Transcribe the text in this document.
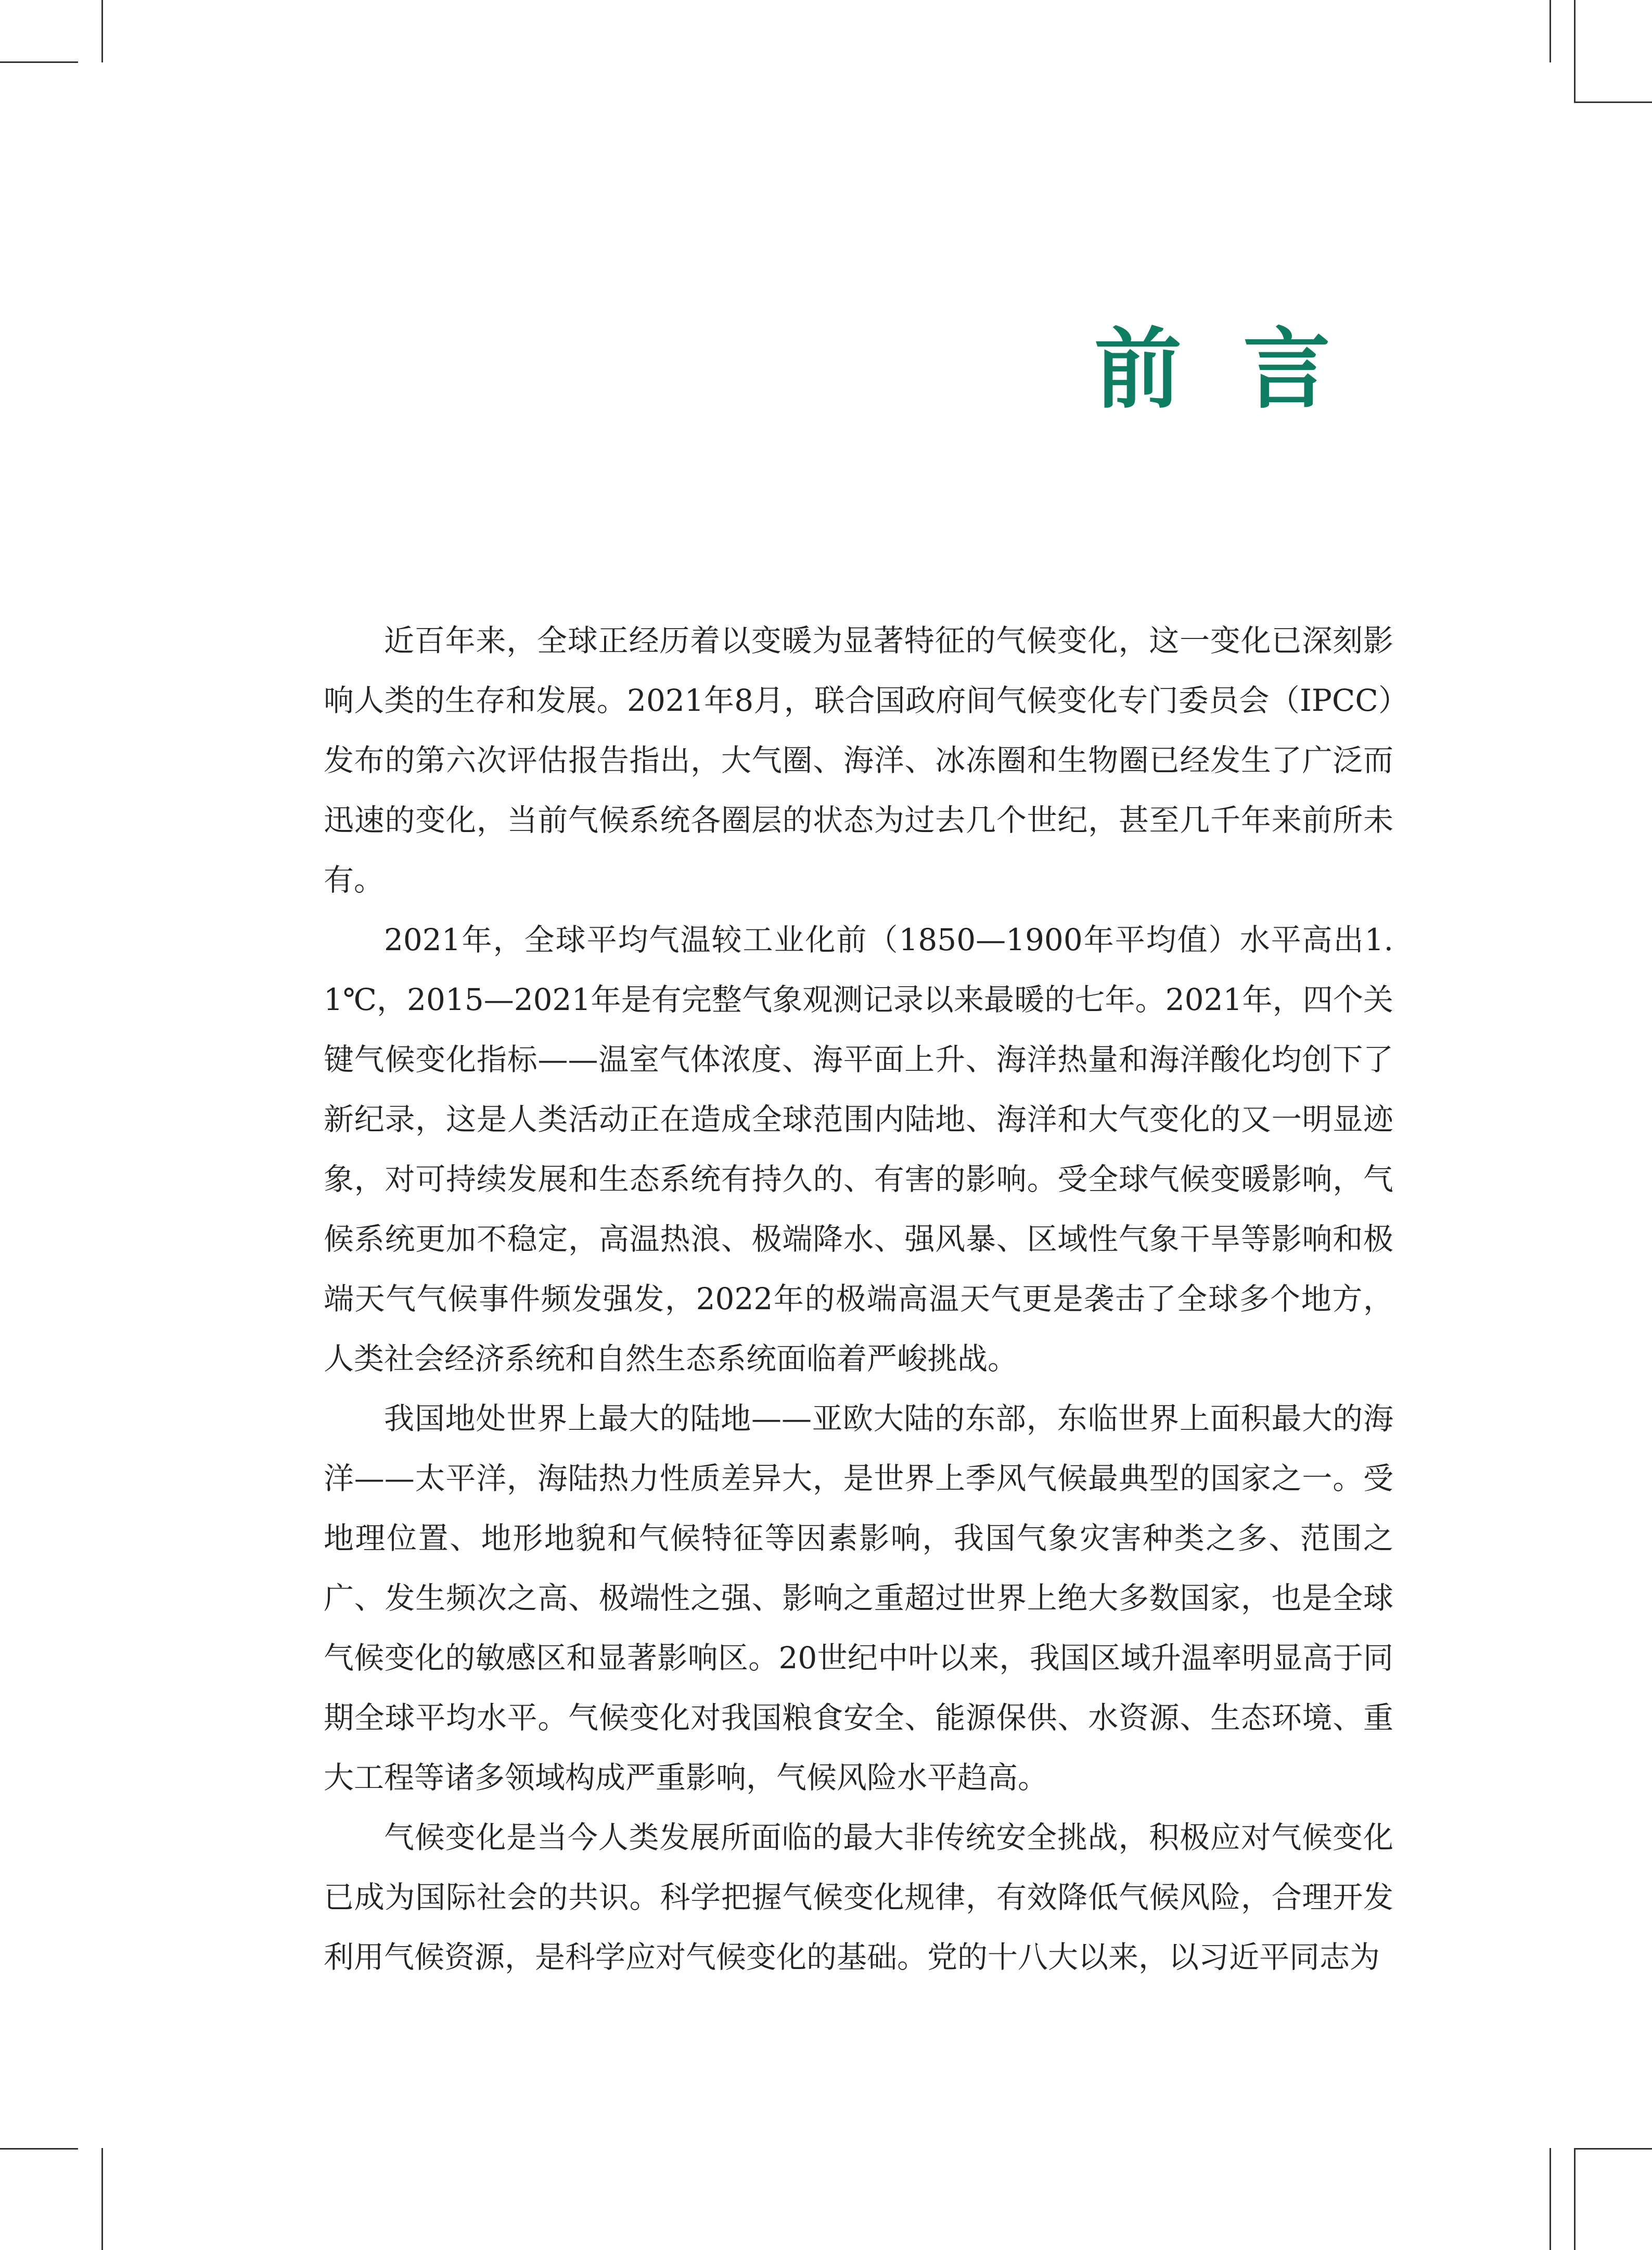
前言

近百年来，全球正经历着以变暖为显著特征的气候变化，这一变化已深刻影响人类的生存和发展。2021年8月，联合国政府间气候变化专门委员会（IPCC）发布的第六次评估报告指出，大气圈、海洋、冰冻圈和生物圈已经发生了广泛而迅速的变化，当前气候系统各圈层的状态为过去几个世纪，甚至几千年来前所未有。

2021年，全球平均气温较工业化前（1850—1900年平均值）水平高出1.1℃，2015—2021年是有完整气象观测记录以来最暖的七年。2021年，四个关键气候变化指标——温室气体浓度、海平面上升、海洋热量和海洋酸化均创下了新纪录，这是人类活动正在造成全球范围内陆地、海洋和大气变化的又一明显迹象，对可持续发展和生态系统有持久的、有害的影响。受全球气候变暖影响，气候系统更加不稳定，高温热浪、极端降水、强风暴、区域性气象干旱等影响和极端天气气候事件频发强发，2022年的极端高温天气更是袭击了全球多个地方，人类社会经济系统和自然生态系统面临着严峻挑战。

我国地处世界上最大的陆地——亚欧大陆的东部，东临世界上面积最大的海洋——太平洋，海陆热力性质差异大，是世界上季风气候最典型的国家之一。受地理位置、地形地貌和气候特征等因素影响，我国气象灾害种类之多、范围之广、发生频次之高、极端性之强、影响之重超过世界上绝大多数国家，也是全球气候变化的敏感区和显著影响区。20世纪中叶以来，我国区域升温率明显高于同期全球平均水平。气候变化对我国粮食安全、能源保供、水资源、生态环境、重大工程等诸多领域构成严重影响，气候风险水平趋高。

气候变化是当今人类发展所面临的最大非传统安全挑战，积极应对气候变化已成为国际社会的共识。科学把握气候变化规律，有效降低气候风险，合理开发利用气候资源，是科学应对气候变化的基础。党的十八大以来，以习近平同志为
